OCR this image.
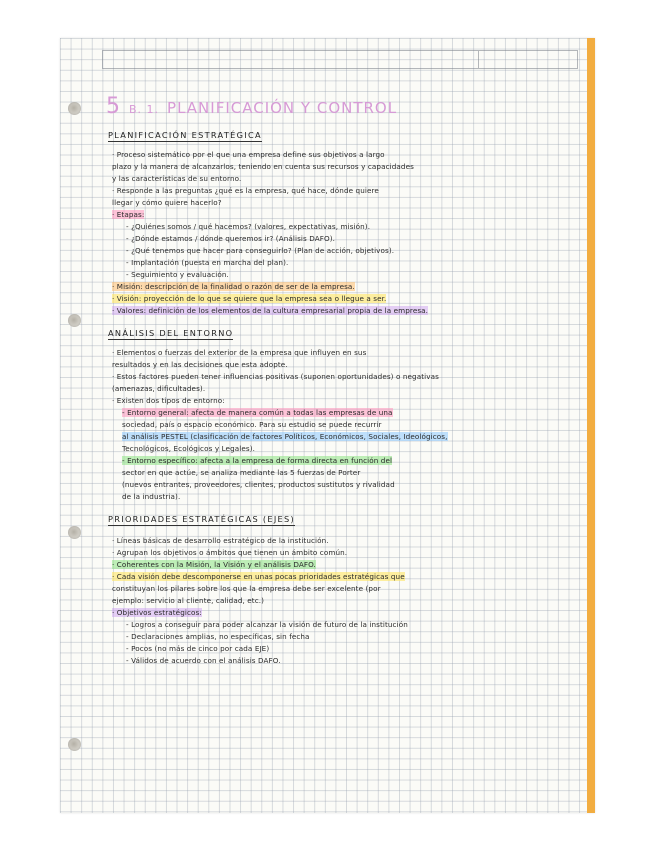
5 B. 1. PLANIFICACIÓN Y CONTROL
PLANIFICACIÓN ESTRATÉGICA
· Proceso sistemático por el que una empresa define sus objetivos a largo
plazo y la manera de alcanzarlos, teniendo en cuenta sus recursos y capacidades
y las características de su entorno.
· Responde a las preguntas ¿qué es la empresa, qué hace, dónde quiere
llegar y cómo quiere hacerlo?
· Etapas:
- ¿Quiénes somos / qué hacemos? (valores, expectativas, misión).
- ¿Dónde estamos / dónde queremos ir? (Análisis DAFO).
- ¿Qué tenemos que hacer para conseguirlo? (Plan de acción, objetivos).
- Implantación (puesta en marcha del plan).
- Seguimiento y evaluación.
· Misión: descripción de la finalidad o razón de ser de la empresa.
· Visión: proyección de lo que se quiere que la empresa sea o llegue a ser.
· Valores: definición de los elementos de la cultura empresarial propia de la empresa.
ANÁLISIS DEL ENTORNO
· Elementos o fuerzas del exterior de la empresa que influyen en sus
resultados y en las decisiones que esta adopte.
· Estos factores pueden tener influencias positivas (suponen oportunidades) o negativas
(amenazas, dificultades).
· Existen dos tipos de entorno:
- Entorno general: afecta de manera común a todas las empresas de una
sociedad, país o espacio económico. Para su estudio se puede recurrir
al análisis PESTEL (clasificación de factores Políticos, Económicos, Sociales, Ideológicos,
Tecnológicos, Ecológicos y Legales).
- Entorno específico: afecta a la empresa de forma directa en función del
sector en que actúe, se analiza mediante las 5 fuerzas de Porter
(nuevos entrantes, proveedores, clientes, productos sustitutos y rivalidad
de la industria).
PRIORIDADES ESTRATÉGICAS (EJES)
· Líneas básicas de desarrollo estratégico de la institución.
· Agrupan los objetivos o ámbitos que tienen un ámbito común.
· Coherentes con la Misión, la Visión y el análisis DAFO.
· Cada visión debe descomponerse en unas pocas prioridades estratégicas que
constituyan los pilares sobre los que la empresa debe ser excelente (por
ejemplo: servicio al cliente, calidad, etc.)
· Objetivos estratégicos:
- Logros a conseguir para poder alcanzar la visión de futuro de la institución
- Declaraciones amplias, no específicas, sin fecha
- Pocos (no más de cinco por cada EJE)
- Válidos de acuerdo con el análisis DAFO.
